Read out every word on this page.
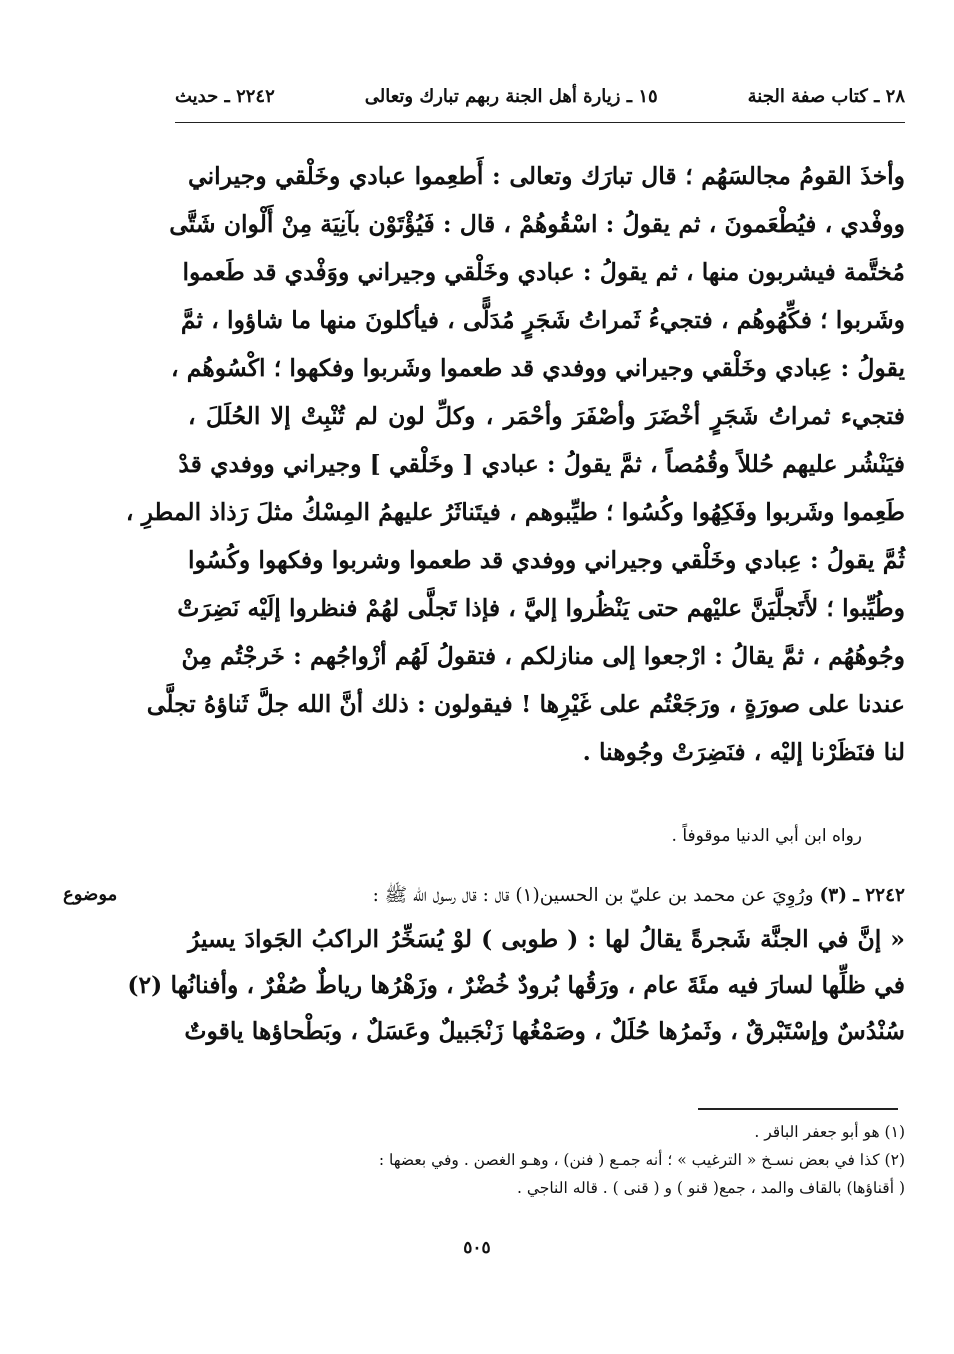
٢٨ ـ كتاب صفة الجنة
١٥ ـ زيارة أهل الجنة ربهم تبارك وتعالى
٢٢٤٢ ـ حديث
وأخذَ القومُ مجالسَهُم ؛ قال تبارَك وتعالى : أَطعِموا عبادي وخَلْقي وجيراني
ووفْدي ، فيُطْعَمونَ ، ثم يقولُ : اسْقُوهُمْ ، قال : فَيُؤْتَوْن بآنِيَة مِنْ أَلْوان شَتَّى
مُختَّمة فيشربون منها ، ثم يقولُ : عبادي وخَلْقي وجيراني ووَفْدي قد طَعموا
وشَربوا ؛ فكِّهُوهُم ، فتجيءُ ثَمراتُ شَجَرٍ مُدَلًّى ، فيأكلونَ منها ما شاؤوا ، ثمَّ
يقولُ : عِبادي وخَلْقي وجيراني ووفدي قد طعموا وشَربوا وفكهوا ؛ اكْسُوهُم ،
فتجيء ثمراتُ شَجَرٍ أخْضَرَ وأصْفَرَ وأحْمَر ، وكلِّ لون لم تُنْبِتْ إلا الحُلَلَ ،
فيَنْشُر عليهم حُللاً وقُمُصاً ، ثمَّ يقولُ : عبادي [ وخَلْقي ] وجيراني ووفدي قدْ
طَعِموا وشَربوا وفَكِهُوا وكُسُوا ؛ طيِّبوهم ، فيتَناثَرُ عليهمُ المِسْكُ مثلَ رَذاذ المطرِ ،
ثُمَّ يقولُ : عِبادي وخَلْقي وجيراني ووفدي قد طعموا وشربوا وفكهوا وكُسُوا
وطُيِّبوا ؛ لأَتَجلَّيَنَّ عليْهم حتى يَنْظُروا إليَّ ، فإذا تَجلَّى لهُمْ فنظروا إلَيْه نَضِرَتْ
وجُوهُهُم ، ثمَّ يقالُ : ارْجعوا إلى منازلكم ، فتقولُ لَهُم أزْواجُهم : خَرجْتُم مِنْ
عندنا على صورَةٍ ، ورَجَعْتُم على غَيْرِها ! فيقولون : ذلك أنَّ الله جلَّ ثَناؤهُ تجلَّى
لنا فنَظَرْنا إليْه ، فنَضِرَتْ وجُوهنا .
رواه ابن أبي الدنيا موقوفاً .
موضوع	٢٢٤٢ ـ (٣) ورُوِيَ عن محمد بن عليّ بن الحسين(١) قال : قال رسول الله ﷺ :
« إنَّ في الجنَّة شَجرةً يقالُ لها : ( طوبى ) لوْ يُسَخِّرُ الراكبُ الجَوادَ يسيرُ
في ظلِّها لسارَ فيه مئَةَ عام ، ورَقُها بُرودٌ خُضْرٌ ، وزَهْرُها رياطٌ صُفْرٌ ، وأفنانُها (٢)
سُنْدُسٌ وإسْتَبْرقٌ ، وثَمرُها حُلَلٌ ، وصَمْغُها زَنْجَبيلٌ وعَسَلٌ ، وبَطْحاؤها ياقوتٌ
(١) هو أبو جعفر الباقر .
(٢) كذا في بعض نسـخ « الترغيب » ؛ أنه جمـع ( فنن) ، وهـو الغصن . وفي بعضها :
( أقناؤها) بالقاف والمد ، جمع( قنو ) و ( قنى ) . قاله الناجي .
٥٠٥
